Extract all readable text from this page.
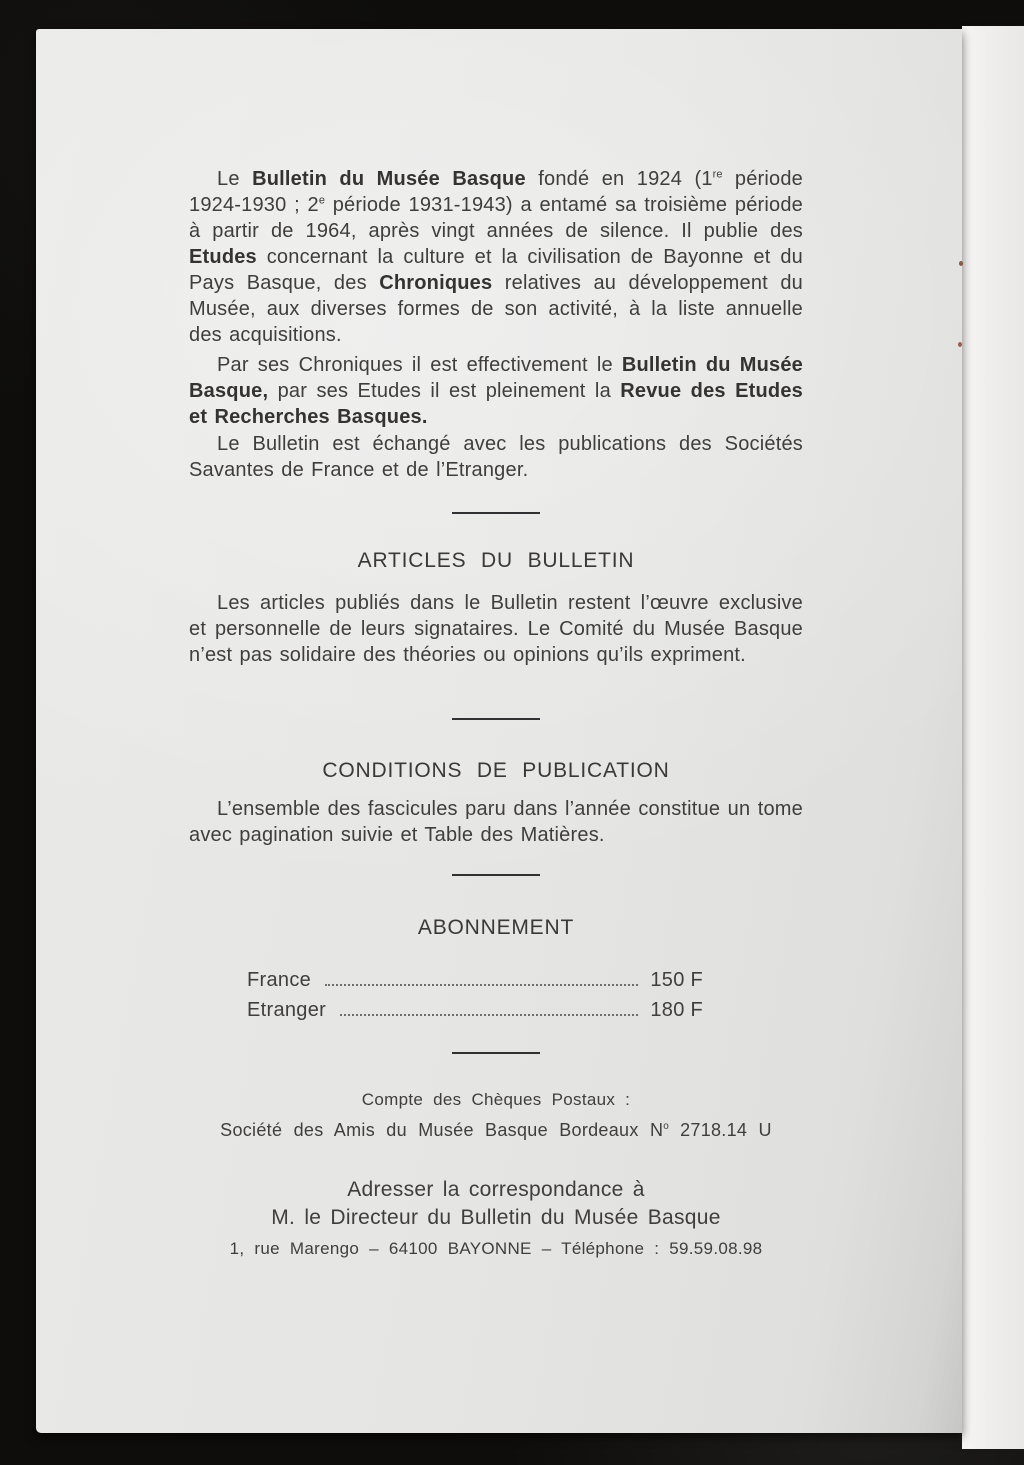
Le Bulletin du Musée Basque fondé en 1924 (1re période 1924-1930 ; 2e période 1931-1943) a entamé sa troisième période à partir de 1964, après vingt années de silence. Il publie des Etudes concernant la culture et la civilisation de Bayonne et du Pays Basque, des Chroniques relatives au développement du Musée, aux diverses formes de son activité, à la liste annuelle des acquisitions.

Par ses Chroniques il est effectivement le Bulletin du Musée Basque, par ses Etudes il est pleinement la Revue des Etudes et Recherches Basques.

Le Bulletin est échangé avec les publications des Sociétés Savantes de France et de l’Etranger.

ARTICLES DU BULLETIN

Les articles publiés dans le Bulletin restent l’œuvre exclusive et personnelle de leurs signataires. Le Comité du Musée Basque n’est pas solidaire des théories ou opinions qu’ils expriment.

CONDITIONS DE PUBLICATION

L’ensemble des fascicules paru dans l’année constitue un tome avec pagination suivie et Table des Matières.

ABONNEMENT
France	150 F
Etranger	180 F

Compte des Chèques Postaux :

Société des Amis du Musée Basque Bordeaux $N^o$ 2718.14 U

Adresser la correspondance à

M. le Directeur du Bulletin du Musée Basque

1, rue Marengo – 64100 BAYONNE – Téléphone : 59.59.08.98
